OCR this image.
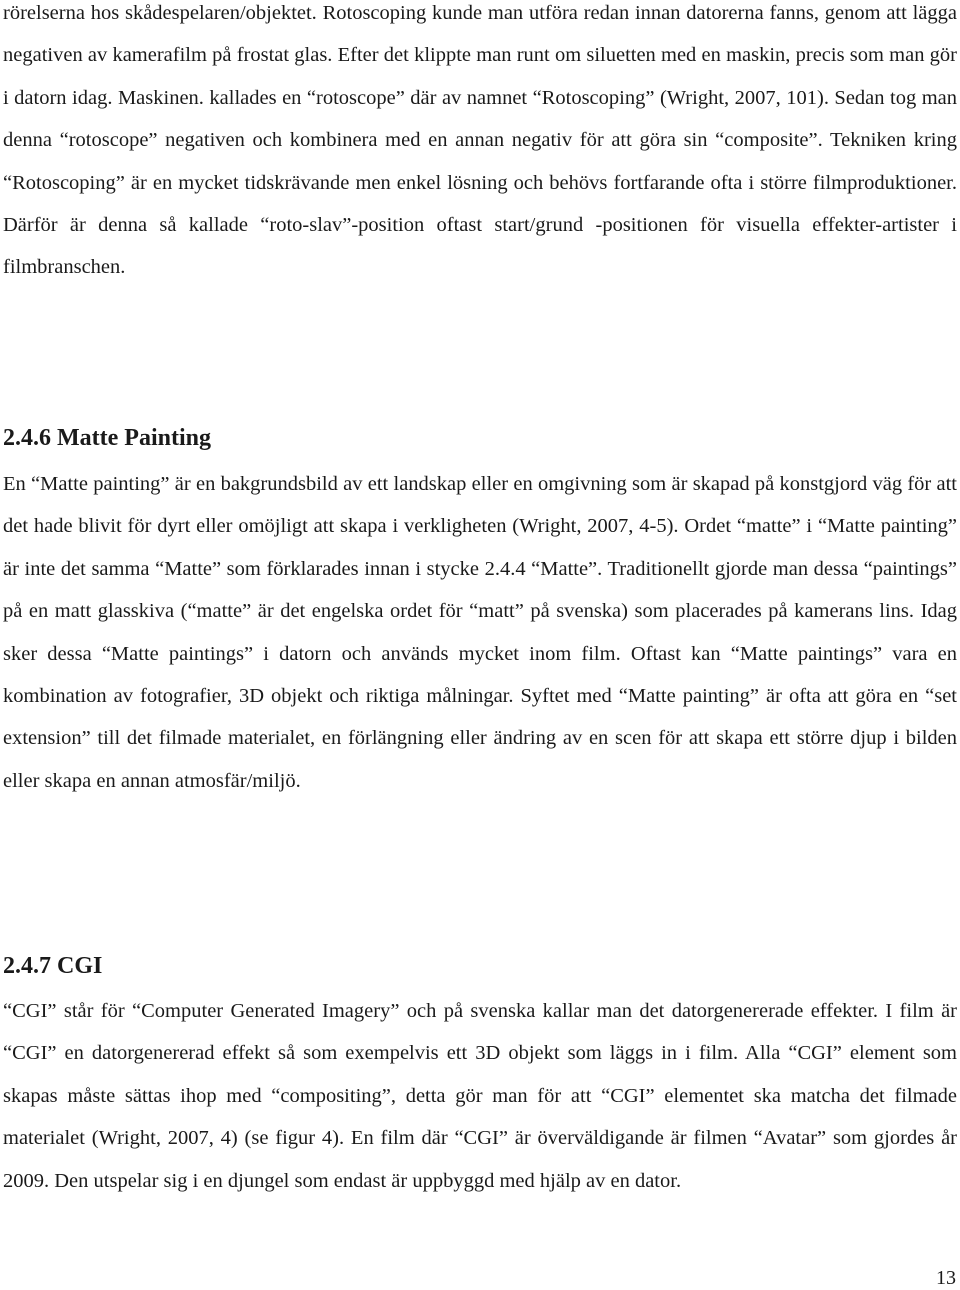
rörelserna hos skådespelaren/objektet. Rotoscoping kunde man utföra redan innan datorerna fanns, genom att lägga negativen av kamerafilm på frostat glas. Efter det klippte man runt om siluetten med en maskin, precis som man gör i datorn idag. Maskinen. kallades en “rotoscope” där av namnet “Rotoscoping” (Wright, 2007, 101). Sedan tog man denna “rotoscope” negativen och kombinera med en annan negativ för att göra sin “composite”. Tekniken kring “Rotoscoping” är en mycket tidskrävande men enkel lösning och behövs fortfarande ofta i större filmproduktioner. Därför är denna så kallade “roto-slav”-position oftast start/grund -positionen för visuella effekter-artister i filmbranschen.

2.4.6 Matte Painting

En “Matte painting” är en bakgrundsbild av ett landskap eller en omgivning som är skapad på konstgjord väg för att det hade blivit för dyrt eller omöjligt att skapa i verkligheten (Wright, 2007, 4-5). Ordet “matte” i “Matte painting” är inte det samma “Matte” som förklarades innan i stycke 2.4.4 “Matte”. Traditionellt gjorde man dessa “paintings” på en matt glasskiva (“matte” är det engelska ordet för “matt” på svenska) som placerades på kamerans lins. Idag sker dessa “Matte paintings” i datorn och används mycket inom film. Oftast kan “Matte paintings” vara en kombination av fotografier, 3D objekt och riktiga målningar. Syftet med “Matte painting” är ofta att göra en “set extension” till det filmade materialet, en förlängning eller ändring av en scen för att skapa ett större djup i bilden eller skapa en annan atmosfär/miljö.

2.4.7 CGI

“CGI” står för “Computer Generated Imagery” och på svenska kallar man det datorgenererade effekter. I film är “CGI” en datorgenererad effekt så som exempelvis ett 3D objekt som läggs in i film. Alla “CGI” element som skapas måste sättas ihop med “compositing”, detta gör man för att “CGI” elementet ska matcha det filmade materialet (Wright, 2007, 4) (se figur 4). En film där “CGI” är överväldigande är filmen “Avatar” som gjordes år 2009. Den utspelar sig i en djungel som endast är uppbyggd med hjälp av en dator.

13
